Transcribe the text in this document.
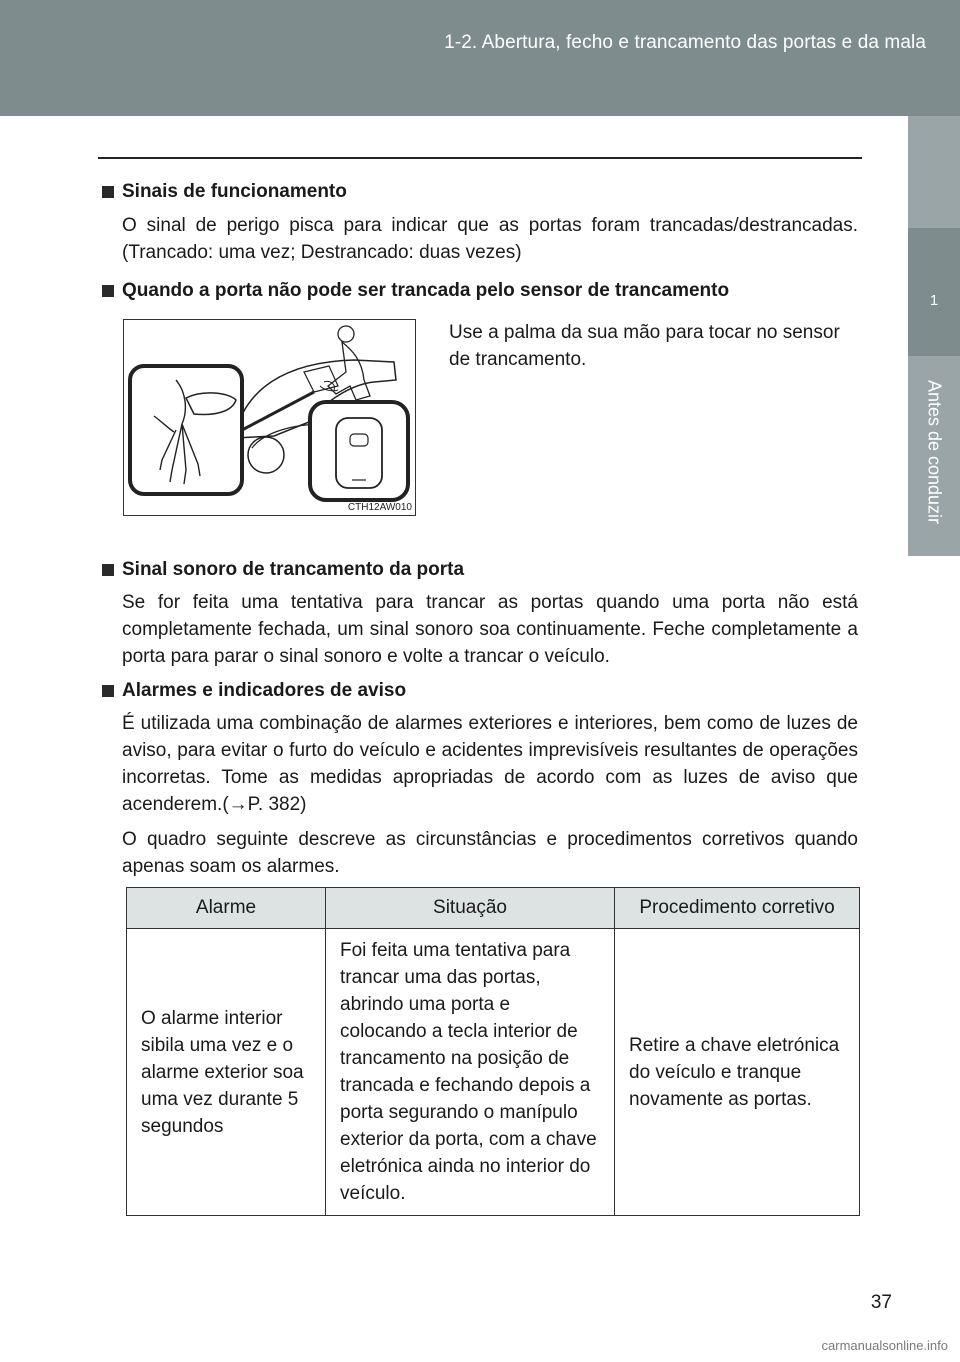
1-2. Abertura, fecho e trancamento das portas e da mala
1
Antes de conduzir
Sinais de funcionamento

O sinal de perigo pisca para indicar que as portas foram trancadas/destrancadas. (Trancado: uma vez; Destrancado: duas vezes)

Quando a porta não pode ser trancada pelo sensor de trancamento
CTH12AW010
Use a palma da sua mão para tocar no sensor de trancamento.
Sinal sonoro de trancamento da porta

Se for feita uma tentativa para trancar as portas quando uma porta não está completamente fechada, um sinal sonoro soa continuamente. Feche completamente a porta para parar o sinal sonoro e volte a trancar o veículo.

Alarmes e indicadores de aviso

É utilizada uma combinação de alarmes exteriores e interiores, bem como de luzes de aviso, para evitar o furto do veículo e acidentes imprevisíveis resultantes de operações incorretas. Tome as medidas apropriadas de acordo com as luzes de aviso que acenderem.(→P. 382)

O quadro seguinte descreve as circunstâncias e procedimentos corretivos quando apenas soam os alarmes.

Alarme	Situação	Procedimento corretivo
O alarme interior sibila uma vez e o alarme exterior soa uma vez durante 5 segundos	Foi feita uma tentativa para trancar uma das portas, abrindo uma porta e colocando a tecla interior de trancamento na posição de trancada e fechando depois a porta segurando o manípulo exterior da porta, com a chave eletrónica ainda no interior do veículo.	Retire a chave eletrónica do veículo e tranque novamente as portas.
37
carmanualsonline.info
